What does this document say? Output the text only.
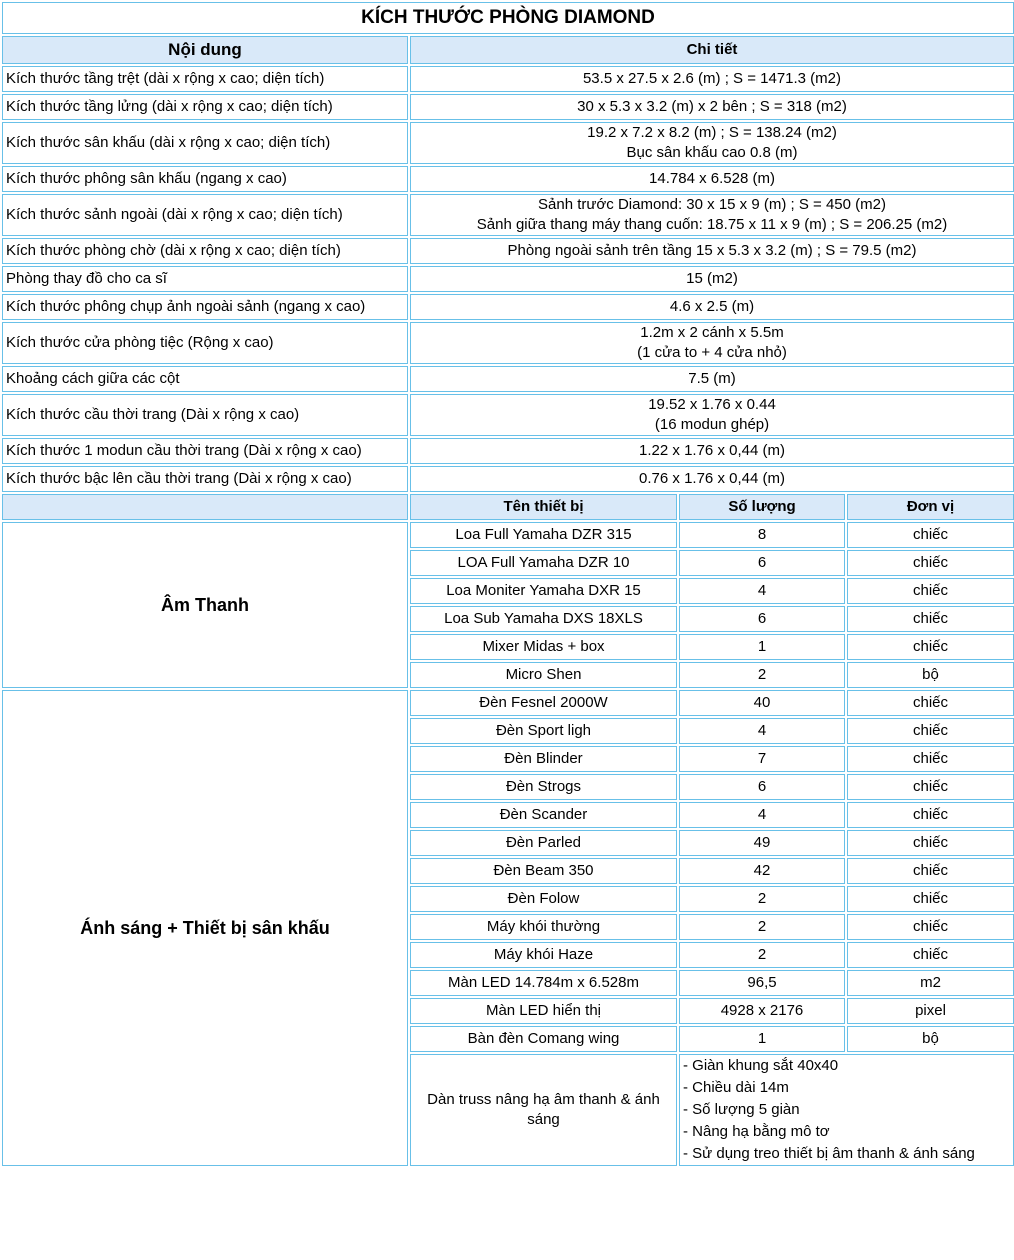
KÍCH THƯỚC PHÒNG DIAMOND			
Nội dung	Chi tiết		
Kích thước tầng trệt (dài x rộng x cao; diện tích)	53.5 x 27.5 x 2.6 (m) ; S = 1471.3 (m2)		

Kích thước tầng lửng (dài x rộng x cao; diện tích)	30 x 5.3 x 3.2 (m) x 2 bên ; S = 318 (m2)		

Kích thước sân khấu (dài x rộng x cao; diện tích)	19.2 x 7.2 x 8.2 (m) ; S = 138.24 (m2)
Bục sân khấu cao 0.8 (m)		

Kích thước phông sân khấu (ngang x cao)	14.784 x 6.528 (m)		

Kích thước sảnh ngoài (dài x rộng x cao; diện tích)	Sảnh trước Diamond: 30 x 15 x 9 (m) ; S = 450 (m2)
Sảnh giữa thang máy thang cuốn: 18.75 x 11 x 9 (m) ; S = 206.25 (m2)		

Kích thước phòng chờ (dài x rộng x cao; diện tích)	Phòng ngoài sảnh trên tầng 15 x 5.3 x 3.2 (m) ; S = 79.5 (m2)		

Phòng thay đồ cho ca sĩ	15 (m2)		

Kích thước phông chụp ảnh ngoài sảnh (ngang x cao)	4.6 x 2.5 (m)		

Kích thước cửa phòng tiệc (Rộng x cao)	1.2m x 2 cánh x 5.5m
(1 cửa to + 4 cửa nhỏ)		

Khoảng cách giữa các cột	7.5 (m)		

Kích thước cầu thời trang (Dài x rộng x cao)	19.52 x 1.76 x 0.44
(16 modun ghép)		

Kích thước 1 modun cầu thời trang (Dài x rộng x cao)	1.22 x 1.76 x 0,44 (m)		

Kích thước bậc lên cầu thời trang (Dài x rộng x cao)	0.76 x 1.76 x 0,44 (m)		

	Tên thiết bị	Số lượng	Đơn vị
Âm Thanh	Loa Full Yamaha DZR 315	8	chiếc
	LOA Full Yamaha DZR 10	6	chiếc
	Loa Moniter Yamaha DXR 15	4	chiếc
	Loa Sub Yamaha DXS 18XLS	6	chiếc
	Mixer Midas + box	1	chiếc
	Micro Shen	2	bộ
Ánh sáng + Thiết bị sân khấu	Đèn Fesnel 2000W	40	chiếc
	Đèn Sport ligh	4	chiếc
	Đèn Blinder	7	chiếc
	Đèn Strogs	6	chiếc
	Đèn Scander	4	chiếc
	Đèn Parled	49	chiếc
	Đèn Beam 350	42	chiếc
	Đèn Folow	2	chiếc
	Máy khói thường	2	chiếc
	Máy khói Haze	2	chiếc
	Màn LED 14.784m x 6.528m	96,5	m2
	Màn LED hiển thị	4928 x 2176	pixel
	Bàn đèn Comang wing	1	bộ

	Dàn truss nâng hạ âm thanh & ánh
sáng	- Giàn khung sắt 40x40
- Chiều dài 14m
- Số lượng 5 giàn
- Nâng hạ bằng mô tơ
- Sử dụng treo thiết bị âm thanh & ánh sáng	
